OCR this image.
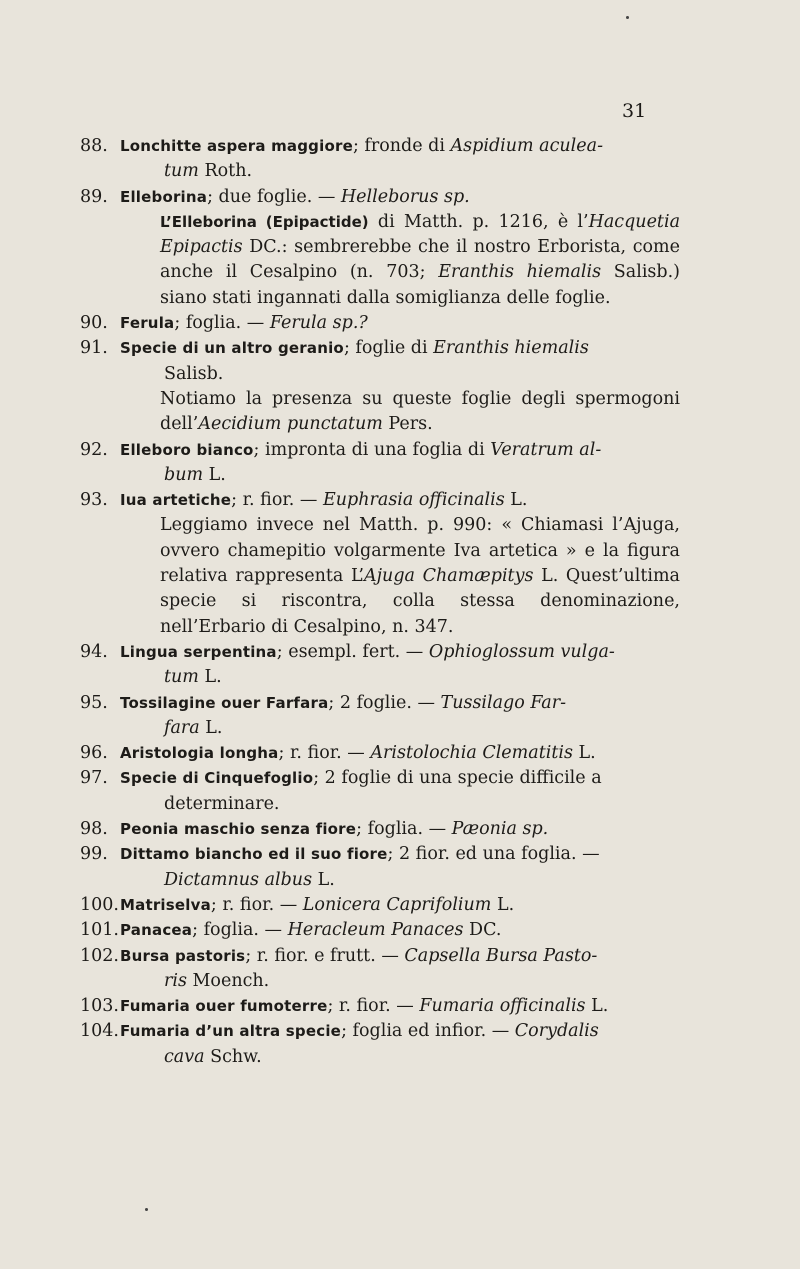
31
88. Lonchitte aspera maggiore; fronde di Aspidium aculea-
tum Roth.
89. Elleborina; due foglie. — Helleborus sp.
L’Elleborina (Epipactide) di Matth. p. 1216, è l’Hacquetia Epipactis DC.: sembrerebbe che il nostro Erborista, come anche il Cesalpino (n. 703; Eranthis hiemalis Salisb.) siano stati ingannati dalla somiglianza delle foglie.
90. Ferula; foglia. — Ferula sp.?
91. Specie di un altro geranio; foglie di Eranthis hiemalis
Salisb.
Notiamo la presenza su queste foglie degli spermogoni dell’Aecidium punctatum Pers.
92. Elleboro bianco; impronta di una foglia di Veratrum al-
bum L.
93. Iua artetiche; r. fior. — Euphrasia officinalis L.
Leggiamo invece nel Matth. p. 990: « Chiamasi l’Ajuga, ovvero chamepitio volgarmente Iva artetica » e la figura relativa rappresenta L’Ajuga Chamæpitys L. Quest’ultima specie si riscontra, colla stessa denominazione, nell’Erbario di Cesalpino, n. 347.
94. Lingua serpentina; esempl. fert. — Ophioglossum vulga-
tum L.
95. Tossilagine ouer Farfara; 2 foglie. — Tussilago Far-
fara L.
96. Aristologia longha; r. fior. — Aristolochia Clematitis L.
97. Specie di Cinquefoglio; 2 foglie di una specie difficile a
determinare.
98. Peonia maschio senza fiore; foglia. — Pæonia sp.
99. Dittamo biancho ed il suo fiore; 2 fior. ed una foglia. —
Dictamnus albus L.
100. Matriselva; r. fior. — Lonicera Caprifolium L.
101. Panacea; foglia. — Heracleum Panaces DC.
102. Bursa pastoris; r. fior. e frutt. — Capsella Bursa Pasto-
ris Moench.
103. Fumaria ouer fumoterre; r. fior. — Fumaria officinalis L.
104. Fumaria d’un altra specie; foglia ed infior. — Corydalis
cava Schw.
